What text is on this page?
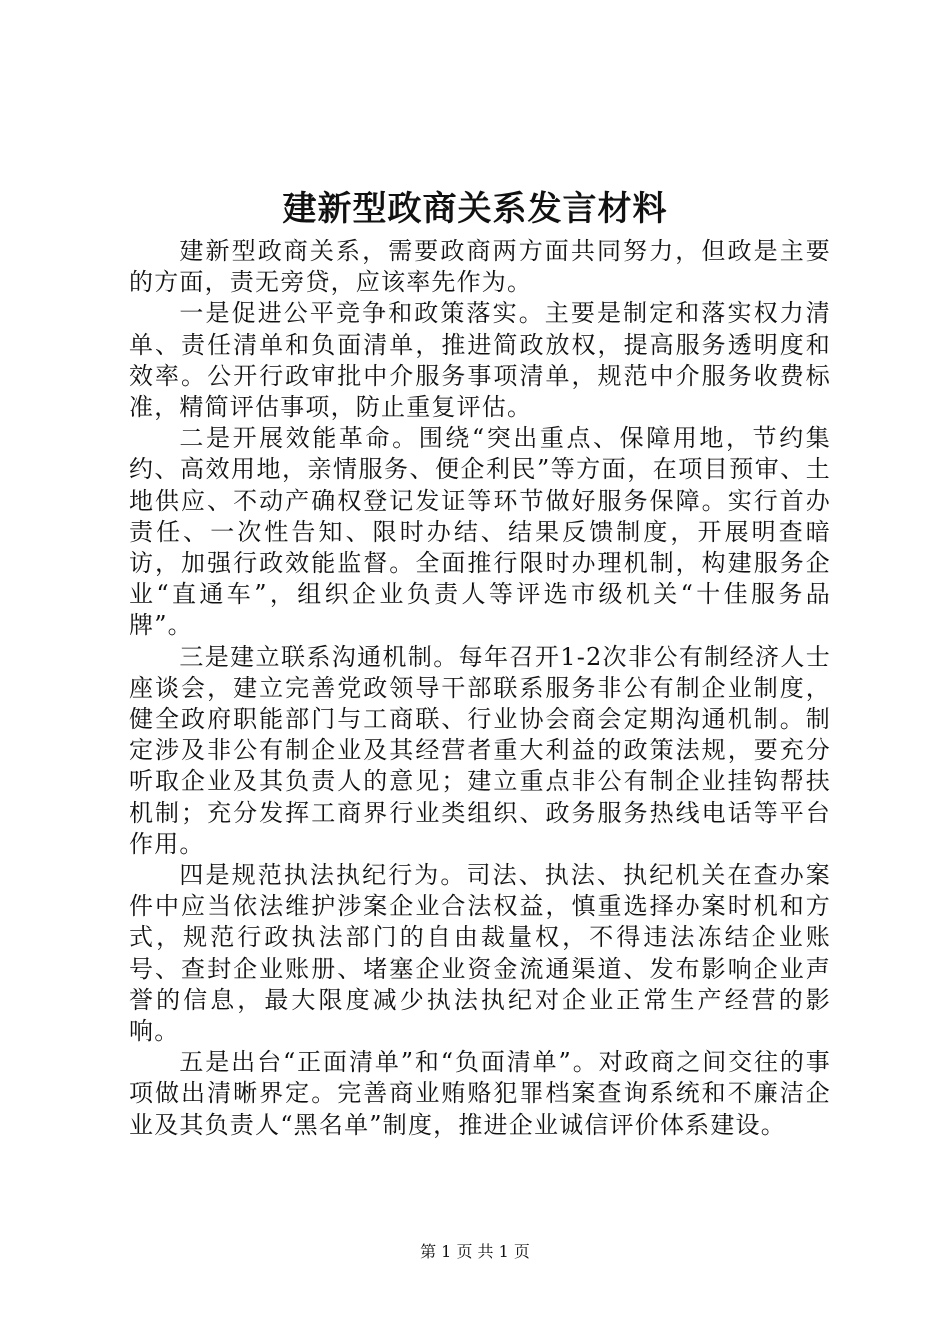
建新型政商关系发言材料

建新型政商关系，需要政商两方面共同努力，但政是主要的方面，责无旁贷，应该率先作为。

一是促进公平竞争和政策落实。主要是制定和落实权力清单、责任清单和负面清单，推进简政放权，提高服务透明度和效率。公开行政审批中介服务事项清单，规范中介服务收费标准，精简评估事项，防止重复评估。

二是开展效能革命。围绕“突出重点、保障用地，节约集约、高效用地，亲情服务、便企利民”等方面，在项目预审、土地供应、不动产确权登记发证等环节做好服务保障。实行首办责任、一次性告知、限时办结、结果反馈制度，开展明查暗访，加强行政效能监督。全面推行限时办理机制，构建服务企业“直通车”，组织企业负责人等评选市级机关“十佳服务品牌”。

三是建立联系沟通机制。每年召开1-2次非公有制经济人士座谈会，建立完善党政领导干部联系服务非公有制企业制度，健全政府职能部门与工商联、行业协会商会定期沟通机制。制定涉及非公有制企业及其经营者重大利益的政策法规，要充分听取企业及其负责人的意见；建立重点非公有制企业挂钩帮扶机制；充分发挥工商界行业类组织、政务服务热线电话等平台作用。

四是规范执法执纪行为。司法、执法、执纪机关在查办案件中应当依法维护涉案企业合法权益，慎重选择办案时机和方式，规范行政执法部门的自由裁量权，不得违法冻结企业账号、查封企业账册、堵塞企业资金流通渠道、发布影响企业声誉的信息，最大限度减少执法执纪对企业正常生产经营的影响。

五是出台“正面清单”和“负面清单”。对政商之间交往的事项做出清晰界定。完善商业贿赂犯罪档案查询系统和不廉洁企业及其负责人“黑名单”制度，推进企业诚信评价体系建设。

第 1 页 共 1 页
